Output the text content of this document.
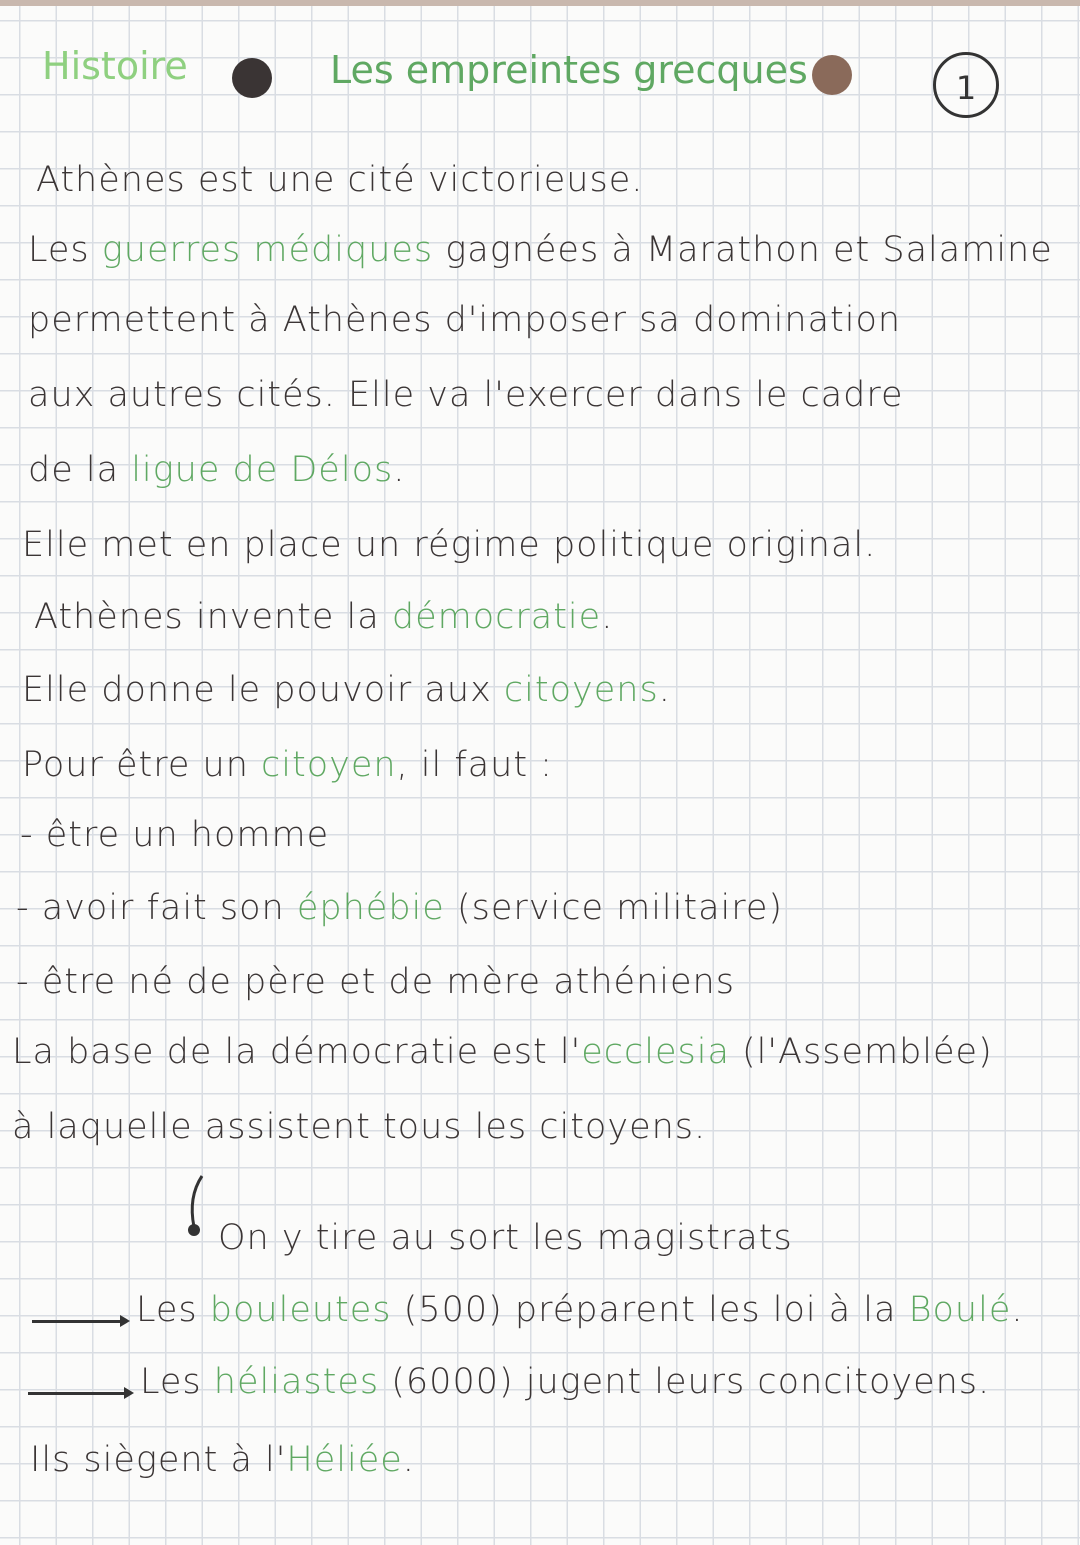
Histoire	Les empreintes grecques	1
Athènes est une cité victorieuse.
Les guerres médiques gagnées à Marathon et Salamine
permettent à Athènes d'imposer sa domination
aux autres cités. Elle va l'exercer dans le cadre
de la ligue de Délos.
Elle met en place un régime politique original.
Athènes invente la démocratie.
Elle donne le pouvoir aux citoyens.
Pour être un citoyen, il faut :
- être un homme
- avoir fait son éphébie (service militaire)
- être né de père et de mère athéniens
La base de la démocratie est l'ecclesia (l'Assemblée)
à laquelle assistent tous les citoyens.
On y tire au sort les magistrats
Les bouleutes (500) préparent les loi à la Boulé.
Les héliastes (6000) jugent leurs concitoyens.
Ils siègent à l'Héliée.
